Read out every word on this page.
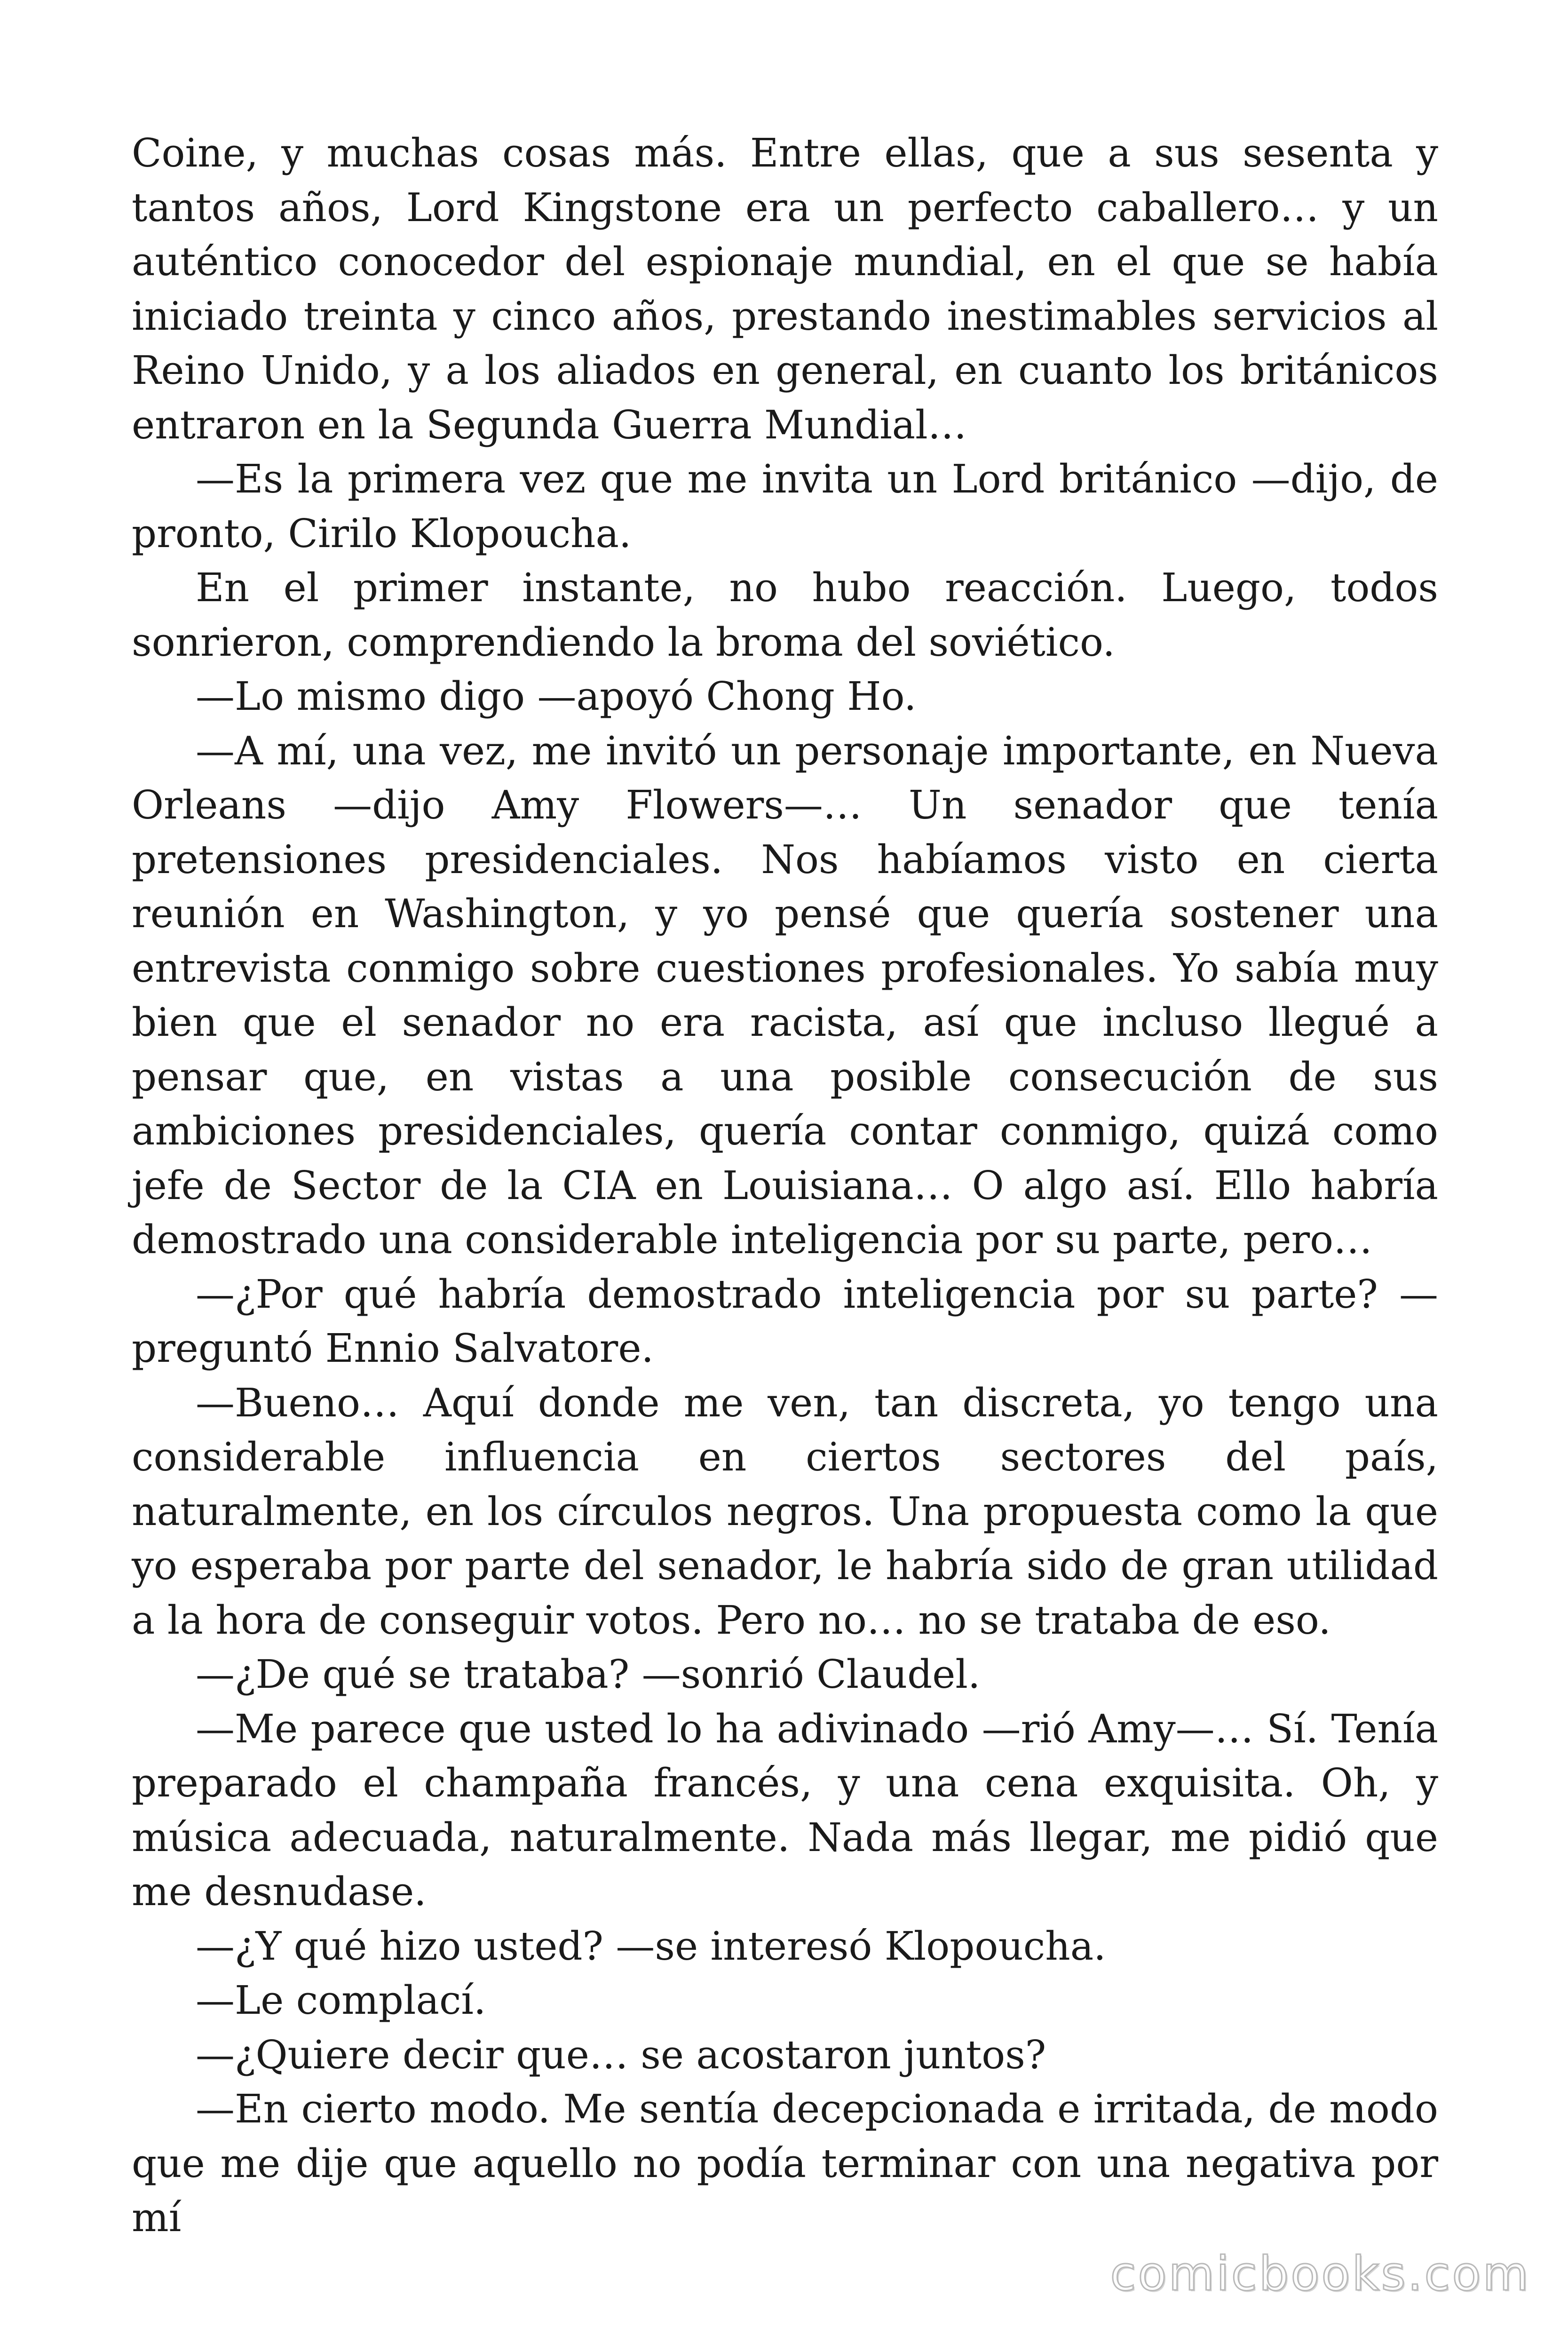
Coine, y muchas cosas más. Entre ellas, que a sus sesenta y tantos años, Lord Kingstone era un perfecto caballero… y un auténtico conocedor del espionaje mundial, en el que se había iniciado treinta y cinco años, prestando inestimables servicios al Reino Unido, y a los aliados en general, en cuanto los británicos entraron en la Segunda Guerra Mundial…

—Es la primera vez que me invita un Lord británico —dijo, de pronto, Cirilo Klopoucha.

En el primer instante, no hubo reacción. Luego, todos sonrieron, comprendiendo la broma del soviético.

—Lo mismo digo —apoyó Chong Ho.

—A mí, una vez, me invitó un personaje importante, en Nueva Orleans —dijo Amy Flowers—… Un senador que tenía pretensiones presidenciales. Nos habíamos visto en cierta reunión en Washington, y yo pensé que quería sostener una entrevista conmigo sobre cuestiones profesionales. Yo sabía muy bien que el senador no era racista, así que incluso llegué a pensar que, en vistas a una posible consecución de sus ambiciones presidenciales, quería contar conmigo, quizá como jefe de Sector de la CIA en Louisiana… O algo así. Ello habría demostrado una considerable inteligencia por su parte, pero…

—¿Por qué habría demostrado inteligencia por su parte? —preguntó Ennio Salvatore.

—Bueno… Aquí donde me ven, tan discreta, yo tengo una considerable influencia en ciertos sectores del país, naturalmente, en los círculos negros. Una propuesta como la que yo esperaba por parte del senador, le habría sido de gran utilidad a la hora de conseguir votos. Pero no… no se trataba de eso.

—¿De qué se trataba? —sonrió Claudel.

—Me parece que usted lo ha adivinado —rió Amy—… Sí. Tenía preparado el champaña francés, y una cena exquisita. Oh, y música adecuada, naturalmente. Nada más llegar, me pidió que me desnudase.

—¿Y qué hizo usted? —se interesó Klopoucha.

—Le complací.

—¿Quiere decir que… se acostaron juntos?

—En cierto modo. Me sentía decepcionada e irritada, de modo que me dije que aquello no podía terminar con una negativa por mí

comicbooks.com
